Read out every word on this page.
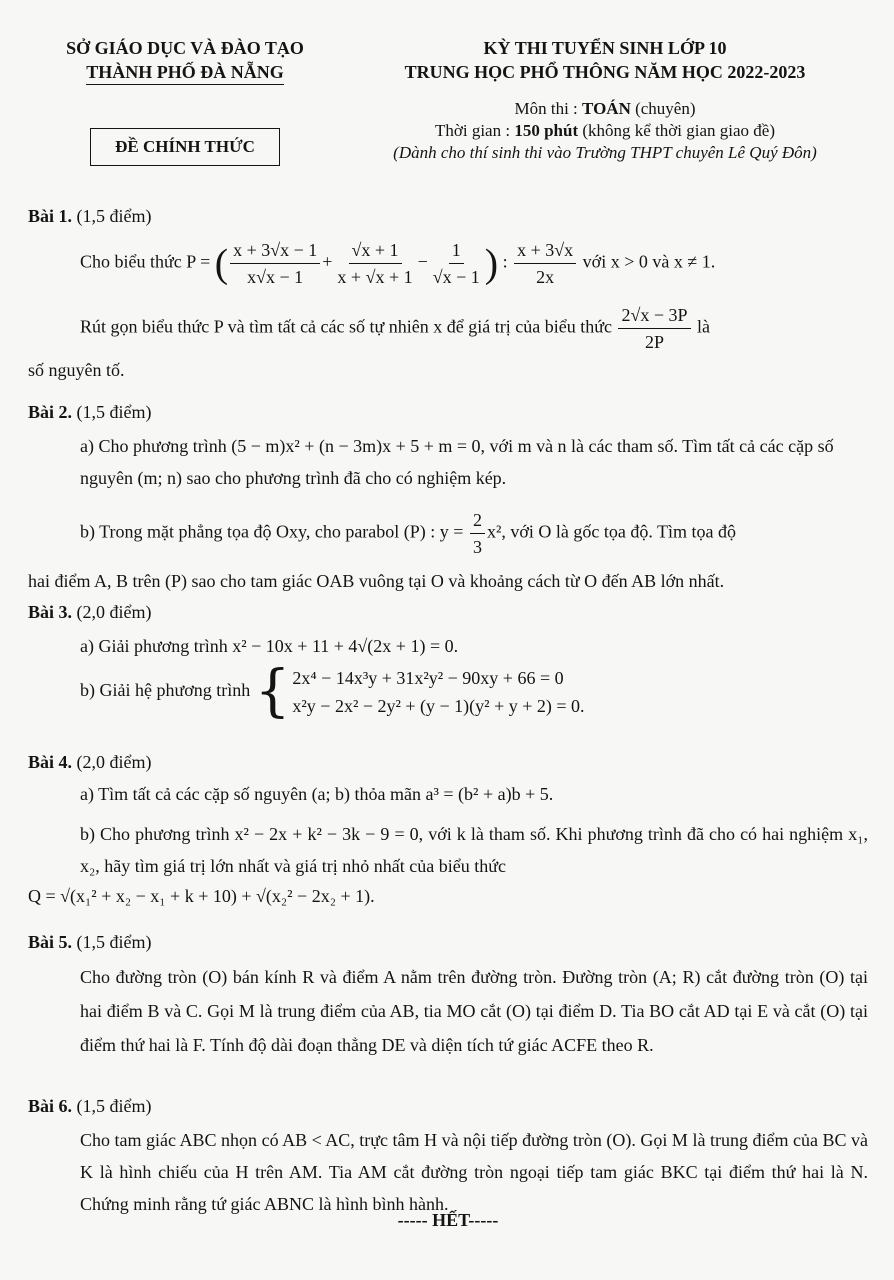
SỞ GIÁO DỤC VÀ ĐÀO TẠO
THÀNH PHỐ ĐÀ NẴNG
KỲ THI TUYỂN SINH LỚP 10
TRUNG HỌC PHỔ THÔNG NĂM HỌC 2022-2023
Môn thi : TOÁN (chuyên)
Thời gian : 150 phút (không kể thời gian giao đề)
(Dành cho thí sinh thi vào Trường THPT chuyên Lê Quý Đôn)
ĐỀ CHÍNH THỨC
Bài 1. (1,5 điểm)
Cho biểu thức P = ( $\frac{x + 3√x - 1}{x√x - 1} + \frac{√x + 1}{x + √x + 1} - \frac{1}{√x - 1}$ ) : $\frac{x + 3√x}{2x}$ với x > 0 và x ≠ 1.
Rút gọn biểu thức P và tìm tất cả các số tự nhiên x để giá trị của biểu thức $\frac{2√x - 3P}{2P}$ là
số nguyên tố.
Bài 2. (1,5 điểm)
a) Cho phương trình (5 − m)x² + (n − 3m)x + 5 + m = 0, với m và n là các tham số. Tìm tất cả các cặp số nguyên (m; n) sao cho phương trình đã cho có nghiệm kép.
b) Trong mặt phẳng tọa độ Oxy, cho parabol (P) : $y = \frac{2}{3} x^2$, với O là gốc tọa độ. Tìm tọa độ
hai điểm A, B trên (P) sao cho tam giác OAB vuông tại O và khoảng cách từ O đến AB lớn nhất.
Bài 3. (2,0 điểm)
a) Giải phương trình x² − 10x + 11 + 4√(2x + 1) = 0.
b) Giải hệ phương trình { 2x⁴ − 14x³y + 31x²y² − 90xy + 66 = 0
x²y − 2x² − 2y² + (y − 1)(y² + y + 2) = 0.
Bài 4. (2,0 điểm)
a) Tìm tất cả các cặp số nguyên (a; b) thỏa mãn a³ = (b² + a)b + 5.
b) Cho phương trình x² − 2x + k² − 3k − 9 = 0, với k là tham số. Khi phương trình đã cho có hai nghiệm x₁, x₂, hãy tìm giá trị lớn nhất và giá trị nhỏ nhất của biểu thức
Q = √(x₁² + x₂ − x₁ + k + 10) + √(x₂² − 2x₂ + 1).
Bài 5. (1,5 điểm)
Cho đường tròn (O) bán kính R và điểm A nằm trên đường tròn. Đường tròn (A; R) cắt đường tròn (O) tại hai điểm B và C. Gọi M là trung điểm của AB, tia MO cắt (O) tại điểm D. Tia BO cắt AD tại E và cắt (O) tại điểm thứ hai là F. Tính độ dài đoạn thẳng DE và diện tích tứ giác ACFE theo R.
Bài 6. (1,5 điểm)
Cho tam giác ABC nhọn có AB < AC, trực tâm H và nội tiếp đường tròn (O). Gọi M là trung điểm của BC và K là hình chiếu của H trên AM. Tia AM cắt đường tròn ngoại tiếp tam giác BKC tại điểm thứ hai là N. Chứng minh rằng tứ giác ABNC là hình bình hành.
----- HẾT-----
